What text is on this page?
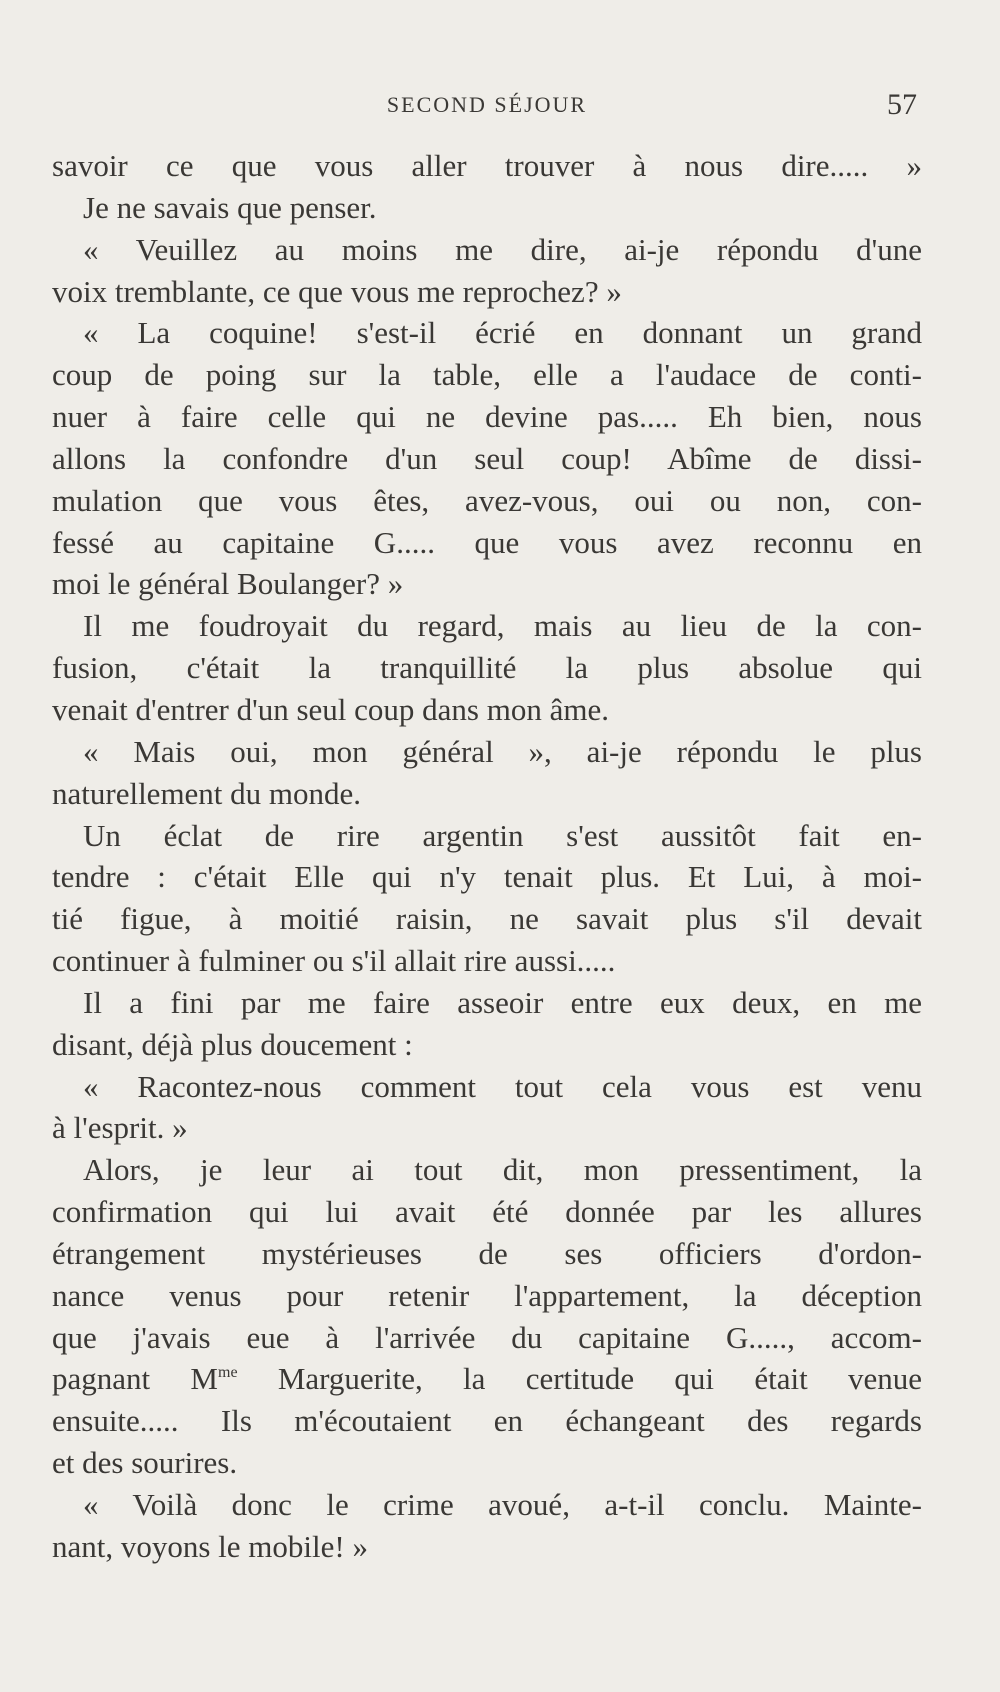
SECOND SÉJOUR	57
savoir ce que vous aller trouver à nous dire..... »
Je ne savais que penser.
« Veuillez au moins me dire, ai-je répondu d'une
voix tremblante, ce que vous me reprochez? »
« La coquine! s'est-il écrié en donnant un grand
coup de poing sur la table, elle a l'audace de conti-
nuer à faire celle qui ne devine pas..... Eh bien, nous
allons la confondre d'un seul coup! Abîme de dissi-
mulation que vous êtes, avez-vous, oui ou non, con-
fessé au capitaine G..... que vous avez reconnu en
moi le général Boulanger? »
Il me foudroyait du regard, mais au lieu de la con-
fusion, c'était la tranquillité la plus absolue qui
venait d'entrer d'un seul coup dans mon âme.
« Mais oui, mon général », ai-je répondu le plus
naturellement du monde.
Un éclat de rire argentin s'est aussitôt fait en-
tendre : c'était Elle qui n'y tenait plus. Et Lui, à moi-
tié figue, à moitié raisin, ne savait plus s'il devait
continuer à fulminer ou s'il allait rire aussi.....
Il a fini par me faire asseoir entre eux deux, en me
disant, déjà plus doucement :
« Racontez-nous comment tout cela vous est venu
à l'esprit. »
Alors, je leur ai tout dit, mon pressentiment, la
confirmation qui lui avait été donnée par les allures
étrangement mystérieuses de ses officiers d'ordon-
nance venus pour retenir l'appartement, la déception
que j'avais eue à l'arrivée du capitaine G....., accom-
pagnant $M^{me}$ Marguerite, la certitude qui était venue
ensuite..... Ils m'écoutaient en échangeant des regards
et des sourires.
« Voilà donc le crime avoué, a-t-il conclu. Mainte-
nant, voyons le mobile! »
